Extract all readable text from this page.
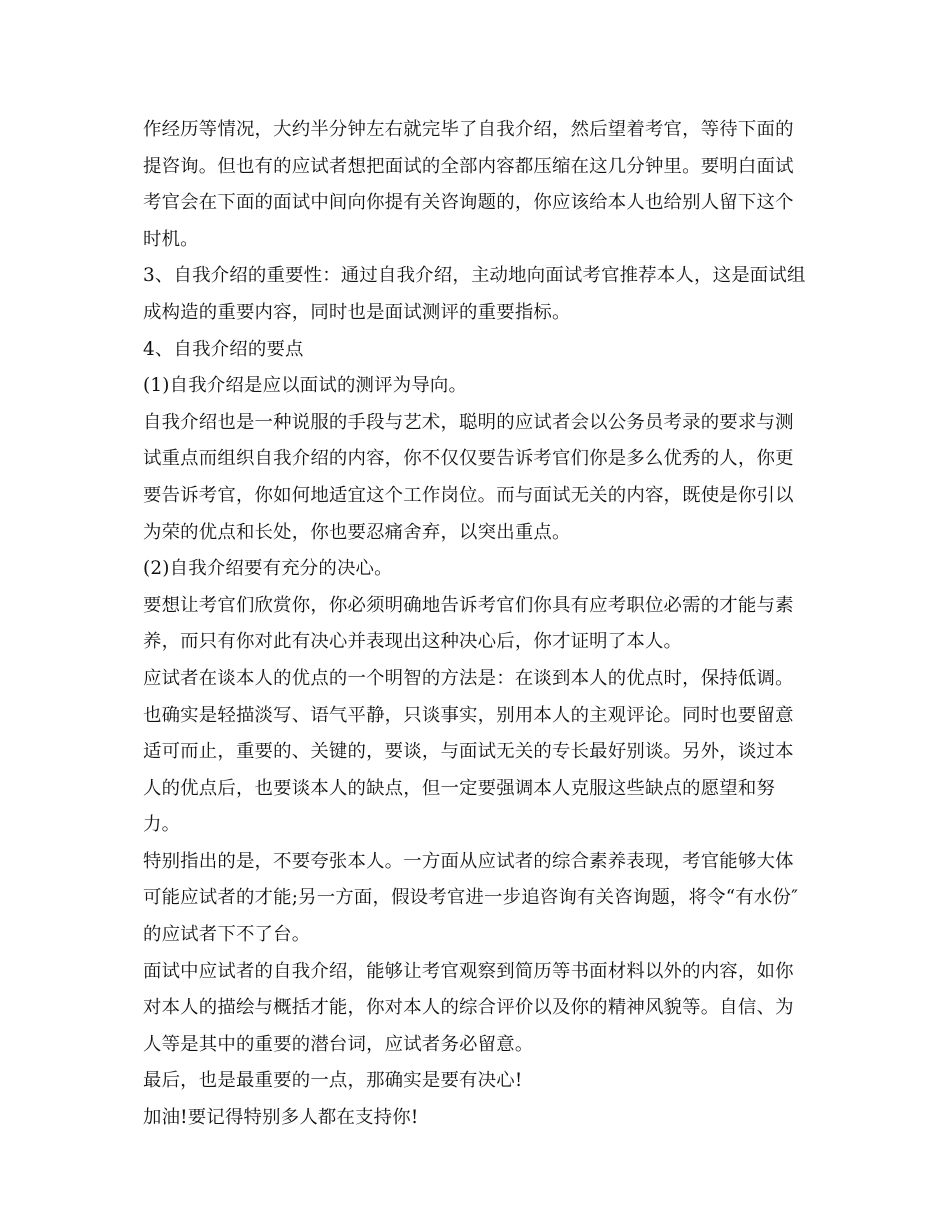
作经历等情况，大约半分钟左右就完毕了自我介绍，然后望着考官，等待下面的提咨询。但也有的应试者想把面试的全部内容都压缩在这几分钟里。要明白面试考官会在下面的面试中间向你提有关咨询题的，你应该给本人也给别人留下这个时机。

3、自我介绍的重要性：通过自我介绍，主动地向面试考官推荐本人，这是面试组成构造的重要内容，同时也是面试测评的重要指标。

4、自我介绍的要点

(1)自我介绍是应以面试的测评为导向。

自我介绍也是一种说服的手段与艺术，聪明的应试者会以公务员考录的要求与测试重点而组织自我介绍的内容，你不仅仅要告诉考官们你是多么优秀的人，你更要告诉考官，你如何地适宜这个工作岗位。而与面试无关的内容，既使是你引以为荣的优点和长处，你也要忍痛舍弃，以突出重点。

(2)自我介绍要有充分的决心。

要想让考官们欣赏你，你必须明确地告诉考官们你具有应考职位必需的才能与素养，而只有你对此有决心并表现出这种决心后，你才证明了本人。

应试者在谈本人的优点的一个明智的方法是：在谈到本人的优点时，保持低调。也确实是轻描淡写、语气平静，只谈事实，别用本人的主观评论。同时也要留意适可而止，重要的、关键的，要谈，与面试无关的专长最好别谈。另外，谈过本人的优点后，也要谈本人的缺点，但一定要强调本人克服这些缺点的愿望和努力。

特别指出的是，不要夸张本人。一方面从应试者的综合素养表现，考官能够大体可能应试者的才能;另一方面，假设考官进一步追咨询有关咨询题，将令“有水份″的应试者下不了台。

面试中应试者的自我介绍，能够让考官观察到简历等书面材料以外的内容，如你对本人的描绘与概括才能，你对本人的综合评价以及你的精神风貌等。自信、为人等是其中的重要的潜台词，应试者务必留意。

最后，也是最重要的一点，那确实是要有决心!

加油!要记得特别多人都在支持你!
